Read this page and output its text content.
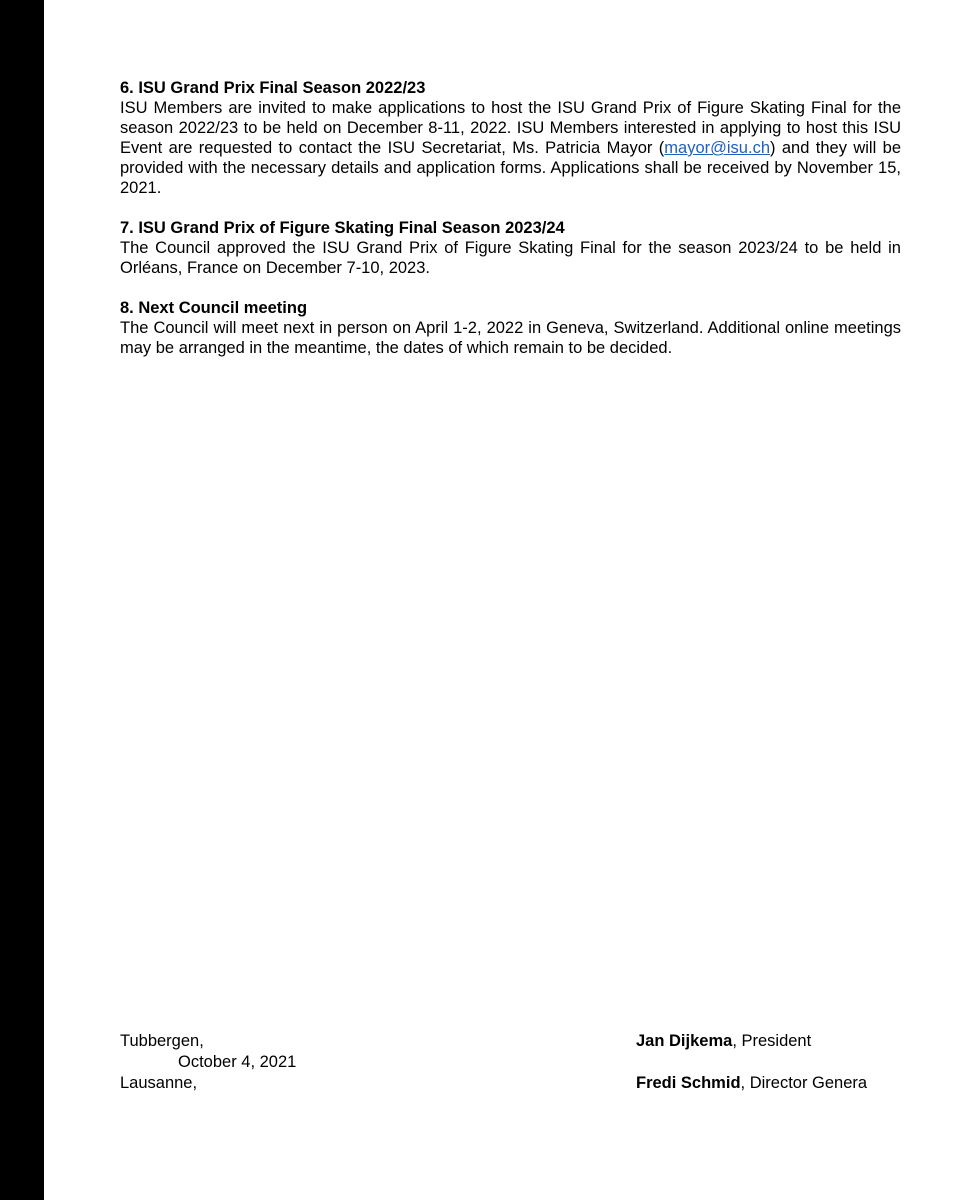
6. ISU Grand Prix Final Season 2022/23

ISU Members are invited to make applications to host the ISU Grand Prix of Figure Skating Final for the season 2022/23 to be held on December 8-11, 2022. ISU Members interested in applying to host this ISU Event are requested to contact the ISU Secretariat, Ms. Patricia Mayor (mayor@isu.ch) and they will be provided with the necessary details and application forms. Applications shall be received by November 15, 2021.

7. ISU Grand Prix of Figure Skating Final Season 2023/24

The Council approved the ISU Grand Prix of Figure Skating Final for the season 2023/24 to be held in Orléans, France on December 7-10, 2023.

8. Next Council meeting

The Council will meet next in person on April 1-2, 2022 in Geneva, Switzerland. Additional online meetings may be arranged in the meantime, the dates of which remain to be decided.

Tubbergen,
October 4, 2021
Lausanne,
Jan Dijkema, President
Fredi Schmid, Director Genera
